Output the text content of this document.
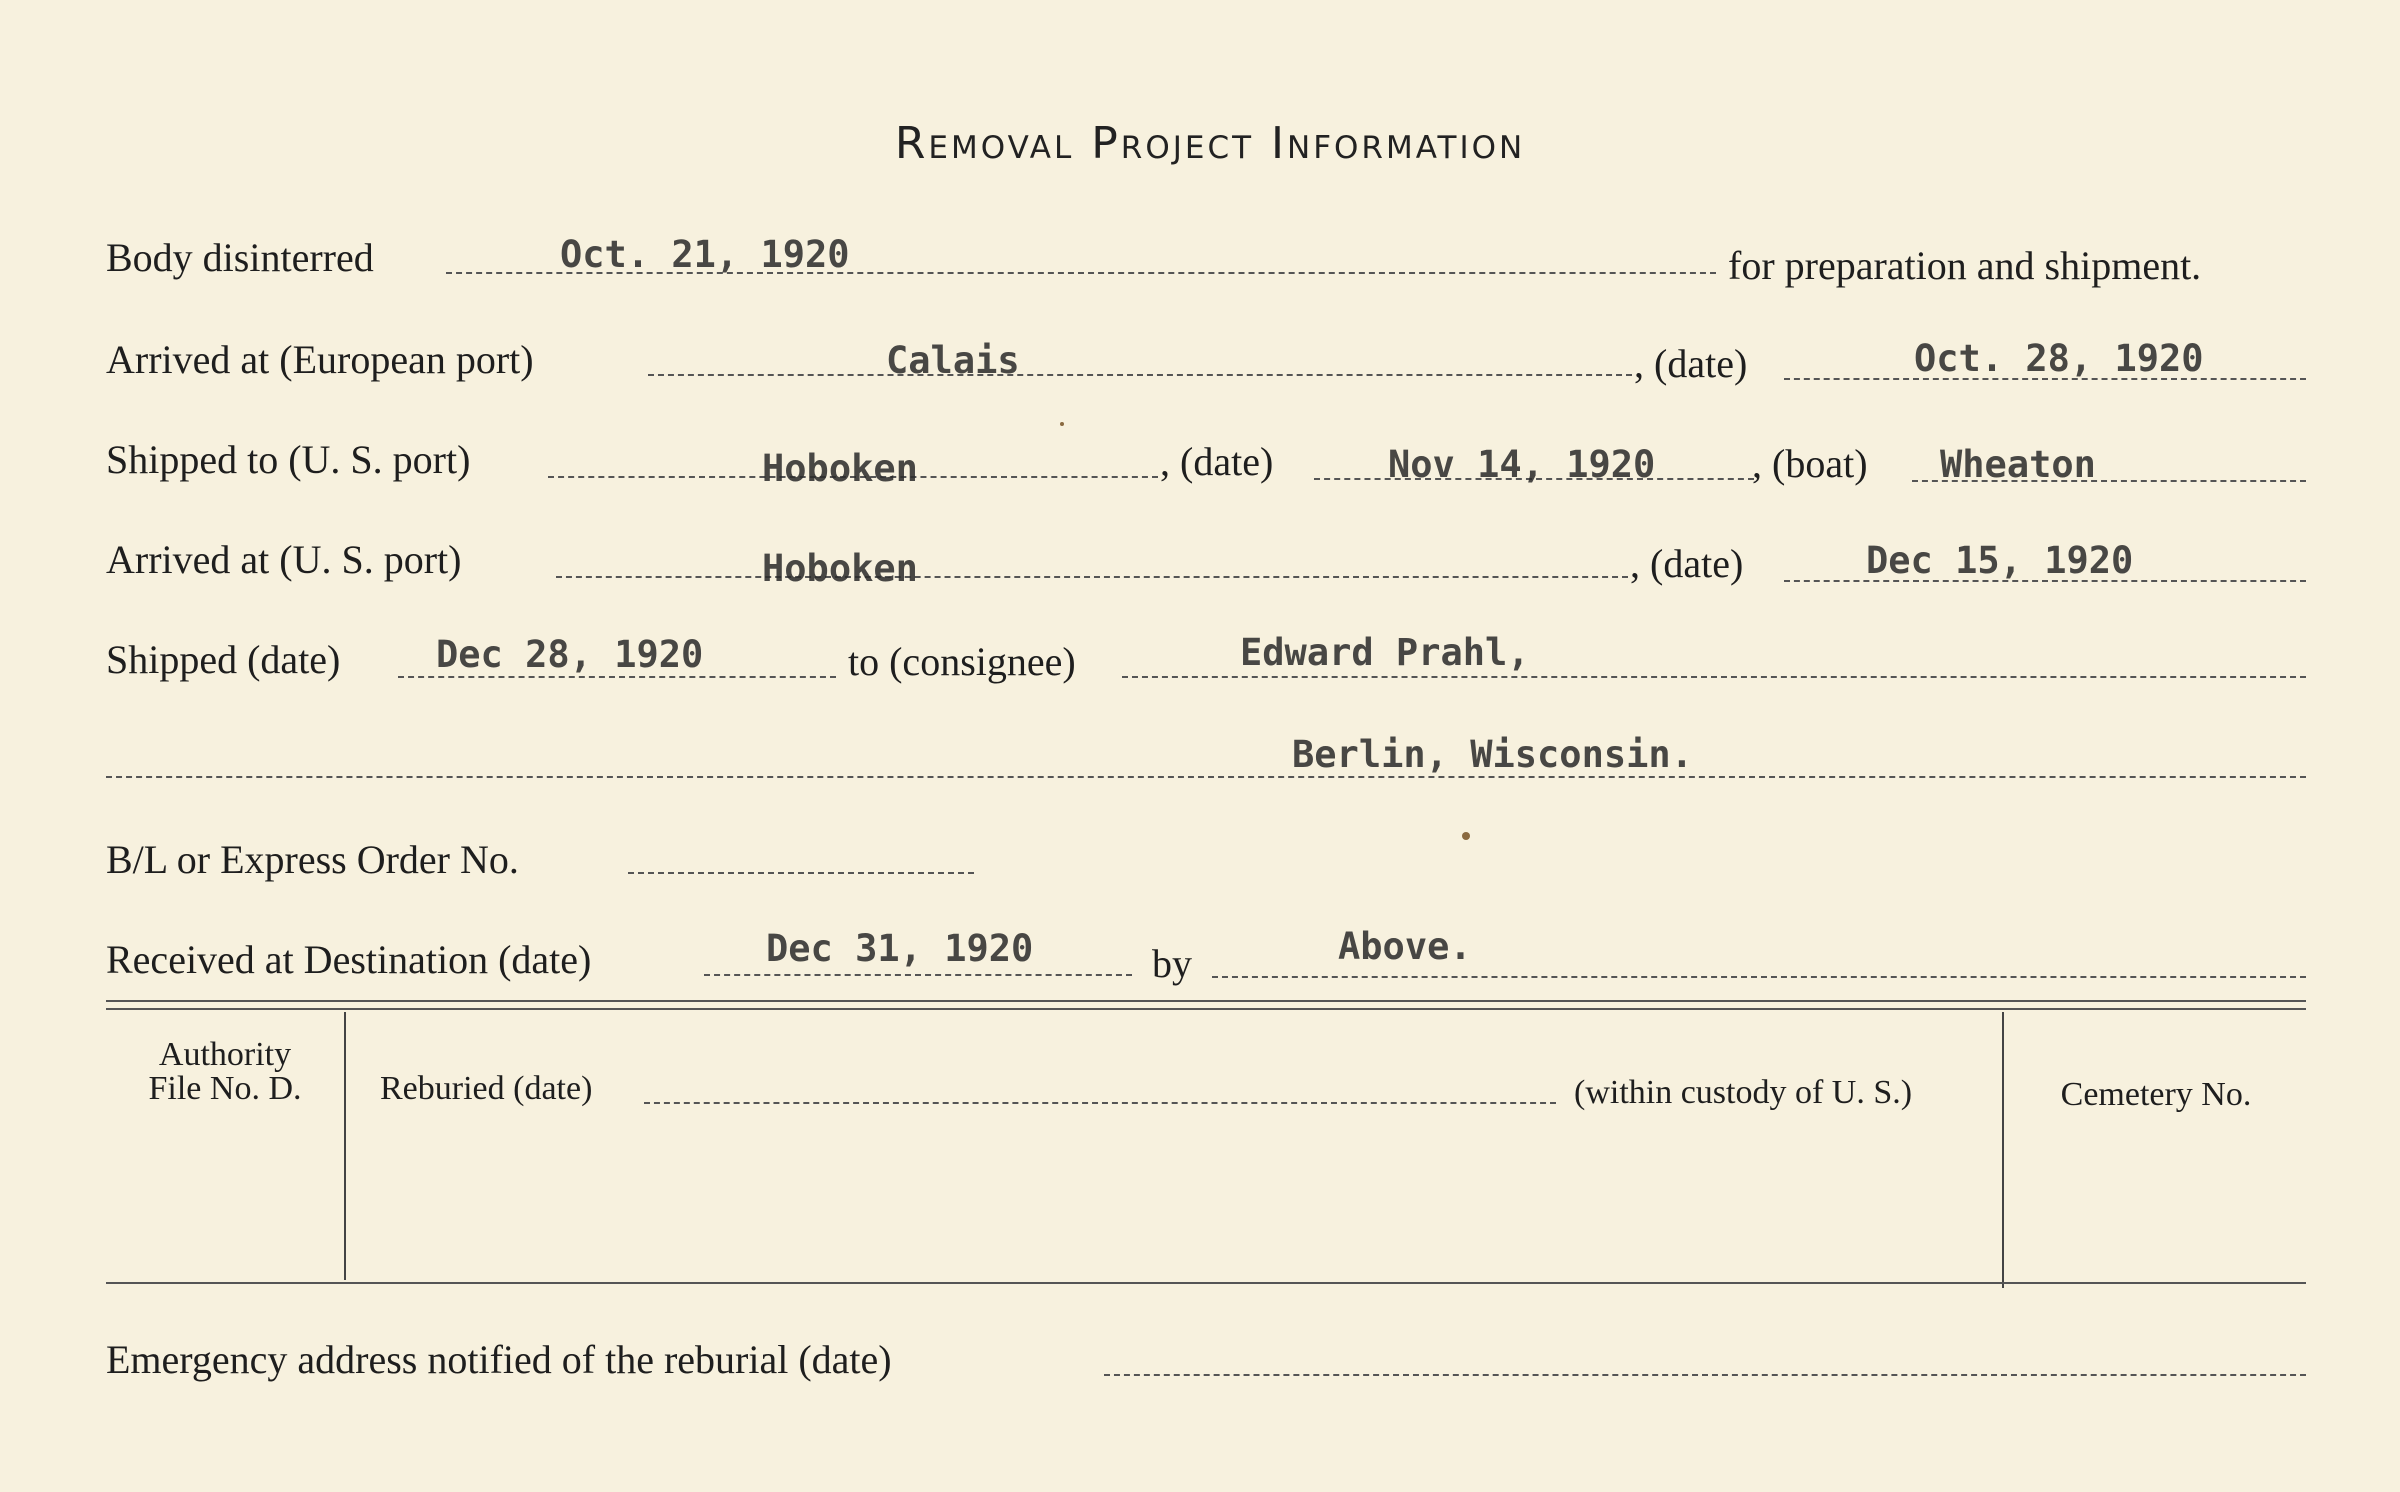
Removal Project Information
Body disinterred	Oct. 21, 1920	for preparation and shipment.
Arrived at (European port)	Calais	, (date)	Oct. 28, 1920
Shipped to (U. S. port)	Hoboken	, (date)	Nov 14, 1920 , (boat) Wheaton
Arrived at (U. S. port)	Hoboken	, (date)	Dec 15, 1920
Shipped (date)	Dec 28, 1920	to (consignee)	Edward Prahl,
Berlin, Wisconsin.
B/L or Express Order No.
Received at Destination (date)	Dec 31, 1920	by	Above.
Authority
File No. D.	Reburied (date)	(within custody of U. S.)	Cemetery No.
Emergency address notified of the reburial (date)
